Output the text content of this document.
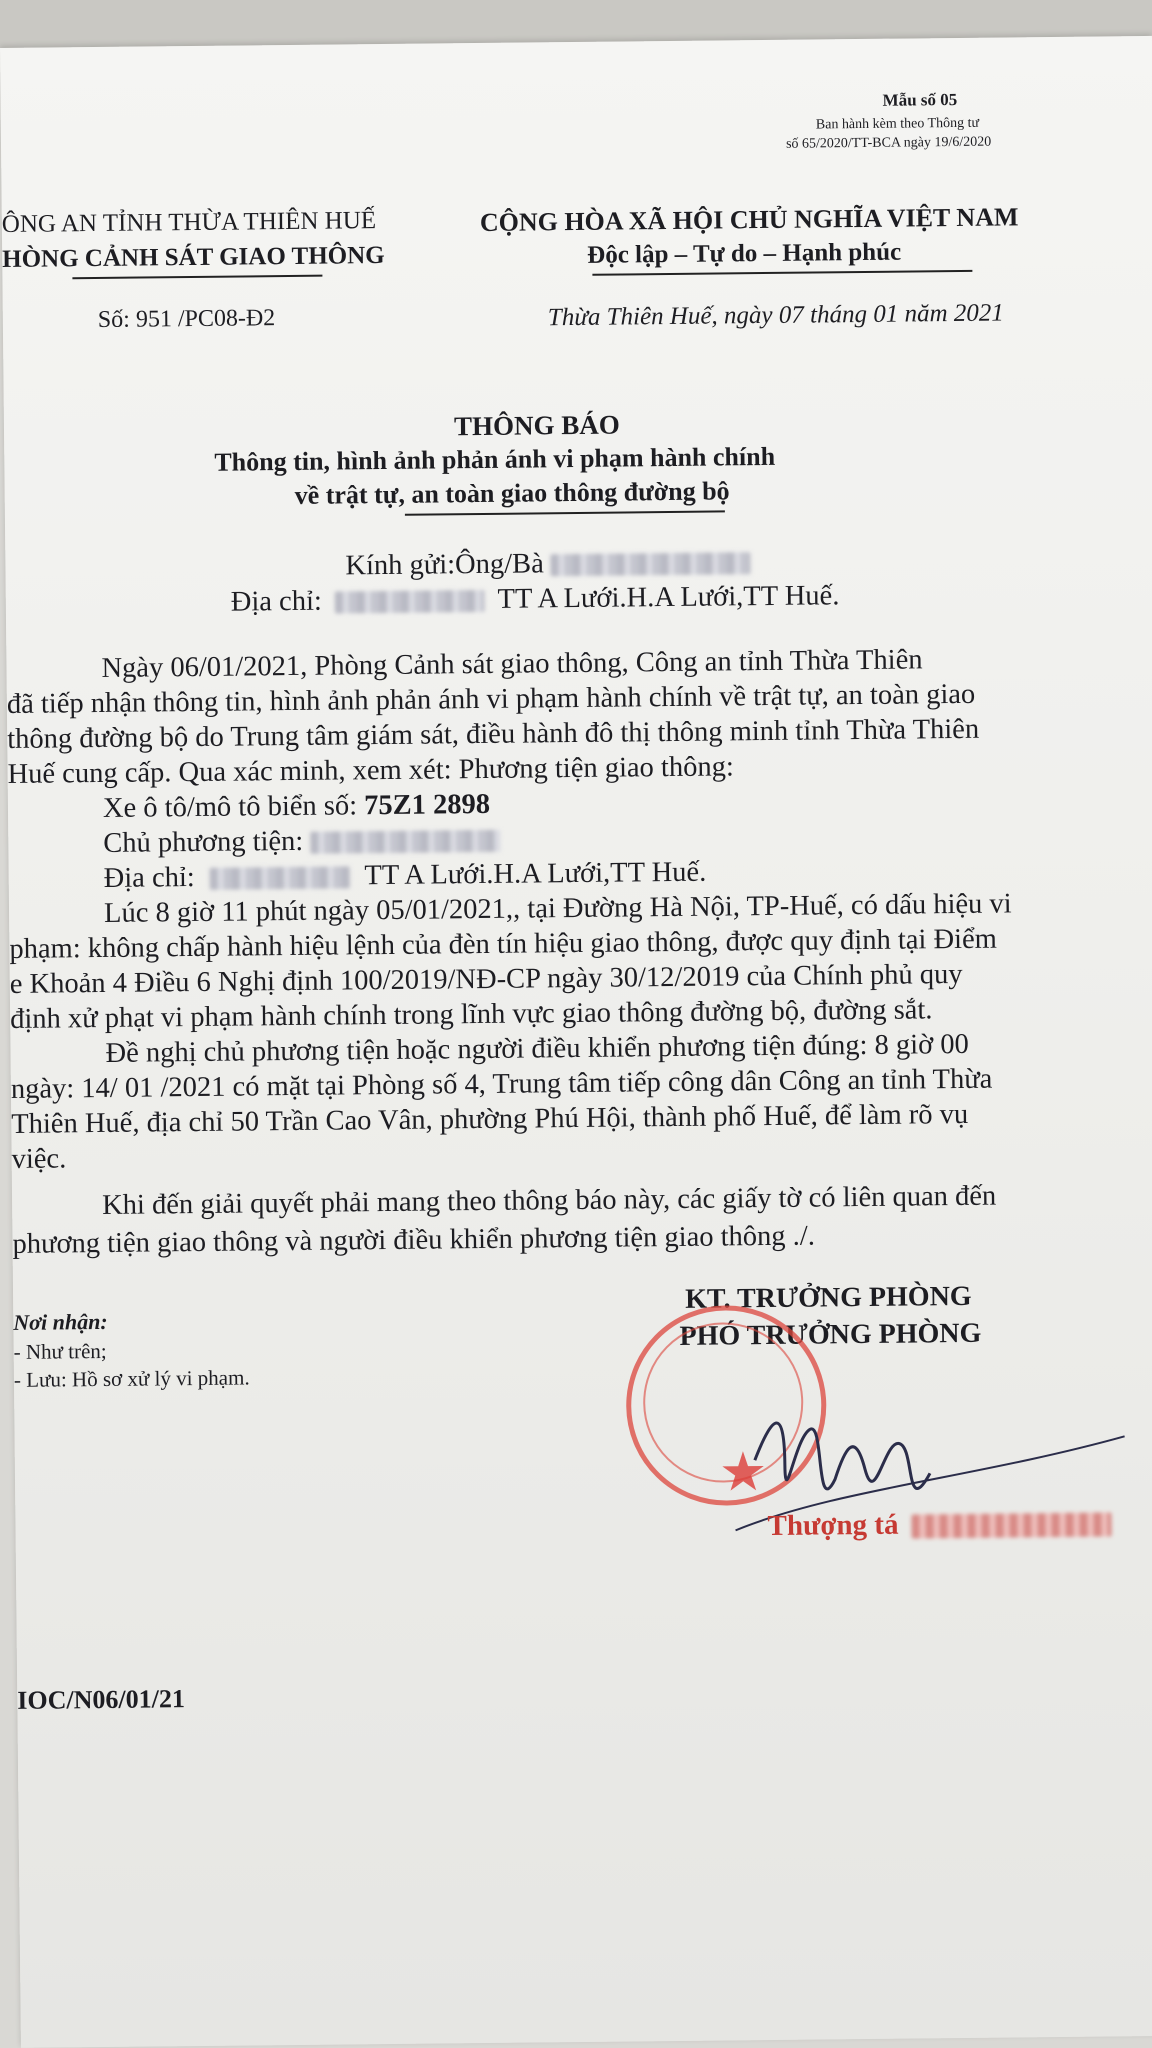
Mẫu số 05
Ban hành kèm theo Thông tư
số 65/2020/TT-BCA ngày 19/6/2020
ÔNG AN TỈNH THỪA THIÊN HUẾ
HÒNG CẢNH SÁT GIAO THÔNG
Số: 951 /PC08-Đ2
CỘNG HÒA XÃ HỘI CHỦ NGHĨA VIỆT NAM
Độc lập – Tự do – Hạnh phúc
Thừa Thiên Huế, ngày 07 tháng 01 năm 2021
THÔNG BÁO
Thông tin, hình ảnh phản ánh vi phạm hành chính
về trật tự, an toàn giao thông đường bộ
Kính gửi:Ông/Bà
Địa chỉ:	TT A Lưới.H.A Lưới,TT Huế.
Ngày 06/01/2021, Phòng Cảnh sát giao thông, Công an tỉnh Thừa Thiên
đã tiếp nhận thông tin, hình ảnh phản ánh vi phạm hành chính về trật tự, an toàn giao
thông đường bộ do Trung tâm giám sát, điều hành đô thị thông minh tỉnh Thừa Thiên
Huế cung cấp. Qua xác minh, xem xét: Phương tiện giao thông:
Xe ô tô/mô tô biển số: 75Z1 2898
Chủ phương tiện:
Địa chỉ:	TT A Lưới.H.A Lưới,TT Huế.
Lúc 8 giờ 11 phút ngày 05/01/2021,, tại Đường Hà Nội, TP-Huế, có dấu hiệu vi
phạm: không chấp hành hiệu lệnh của đèn tín hiệu giao thông, được quy định tại Điểm
e Khoản 4 Điều 6 Nghị định 100/2019/NĐ-CP ngày 30/12/2019 của Chính phủ quy
định xử phạt vi phạm hành chính trong lĩnh vực giao thông đường bộ, đường sắt.
Đề nghị chủ phương tiện hoặc người điều khiển phương tiện đúng: 8 giờ 00
ngày: 14/ 01 /2021 có mặt tại Phòng số 4, Trung tâm tiếp công dân Công an tỉnh Thừa
Thiên Huế, địa chỉ 50 Trần Cao Vân, phường Phú Hội, thành phố Huế, để làm rõ vụ
việc.
Khi đến giải quyết phải mang theo thông báo này, các giấy tờ có liên quan đến
phương tiện giao thông và người điều khiển phương tiện giao thông ./.
Nơi nhận:
- Như trên;
- Lưu: Hồ sơ xử lý vi phạm.
KT. TRƯỞNG PHÒNG
PHÓ TRƯỞNG PHÒNG
★
Thượng tá
IOC/N06/01/21
